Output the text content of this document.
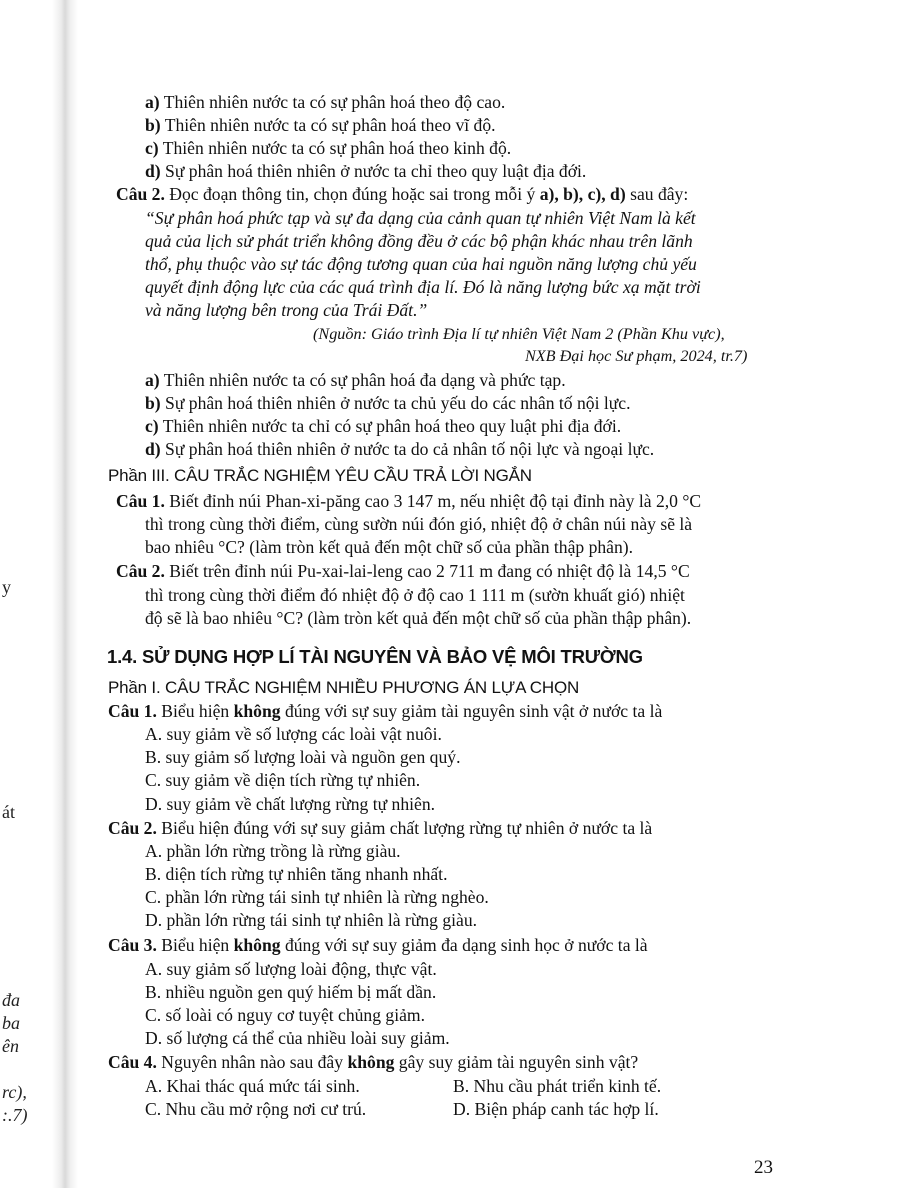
y
át
đa
ba
ên
rc),
:.7)
a) Thiên nhiên nước ta có sự phân hoá theo độ cao.
b) Thiên nhiên nước ta có sự phân hoá theo vĩ độ.
c) Thiên nhiên nước ta có sự phân hoá theo kinh độ.
d) Sự phân hoá thiên nhiên ở nước ta chỉ theo quy luật địa đới.
Câu 2. Đọc đoạn thông tin, chọn đúng hoặc sai trong mỗi ý a), b), c), d) sau đây:
“Sự phân hoá phức tạp và sự đa dạng của cảnh quan tự nhiên Việt Nam là kết
quả của lịch sử phát triển không đồng đều ở các bộ phận khác nhau trên lãnh
thổ, phụ thuộc vào sự tác động tương quan của hai nguồn năng lượng chủ yếu
quyết định động lực của các quá trình địa lí. Đó là năng lượng bức xạ mặt trời
và năng lượng bên trong của Trái Đất.”
(Nguồn: Giáo trình Địa lí tự nhiên Việt Nam 2 (Phần Khu vực),
NXB Đại học Sư phạm, 2024, tr.7)
a) Thiên nhiên nước ta có sự phân hoá đa dạng và phức tạp.
b) Sự phân hoá thiên nhiên ở nước ta chủ yếu do các nhân tố nội lực.
c) Thiên nhiên nước ta chỉ có sự phân hoá theo quy luật phi địa đới.
d) Sự phân hoá thiên nhiên ở nước ta do cả nhân tố nội lực và ngoại lực.
Phần III. CÂU TRẮC NGHIỆM YÊU CẦU TRẢ LỜI NGẮN
Câu 1. Biết đỉnh núi Phan-xi-păng cao 3 147 m, nếu nhiệt độ tại đỉnh này là 2,0 °C
thì trong cùng thời điểm, cùng sườn núi đón gió, nhiệt độ ở chân núi này sẽ là
bao nhiêu °C? (làm tròn kết quả đến một chữ số của phần thập phân).
Câu 2. Biết trên đỉnh núi Pu-xai-lai-leng cao 2 711 m đang có nhiệt độ là 14,5 °C
thì trong cùng thời điểm đó nhiệt độ ở độ cao 1 111 m (sườn khuất gió) nhiệt
độ sẽ là bao nhiêu °C? (làm tròn kết quả đến một chữ số của phần thập phân).
1.4. SỬ DỤNG HỢP LÍ TÀI NGUYÊN VÀ BẢO VỆ MÔI TRƯỜNG
Phần I. CÂU TRẮC NGHIỆM NHIỀU PHƯƠNG ÁN LỰA CHỌN
Câu 1. Biểu hiện không đúng với sự suy giảm tài nguyên sinh vật ở nước ta là
A. suy giảm về số lượng các loài vật nuôi.
B. suy giảm số lượng loài và nguồn gen quý.
C. suy giảm về diện tích rừng tự nhiên.
D. suy giảm về chất lượng rừng tự nhiên.
Câu 2. Biểu hiện đúng với sự suy giảm chất lượng rừng tự nhiên ở nước ta là
A. phần lớn rừng trồng là rừng giàu.
B. diện tích rừng tự nhiên tăng nhanh nhất.
C. phần lớn rừng tái sinh tự nhiên là rừng nghèo.
D. phần lớn rừng tái sinh tự nhiên là rừng giàu.
Câu 3. Biểu hiện không đúng với sự suy giảm đa dạng sinh học ở nước ta là
A. suy giảm số lượng loài động, thực vật.
B. nhiều nguồn gen quý hiếm bị mất dần.
C. số loài có nguy cơ tuyệt chủng giảm.
D. số lượng cá thể của nhiều loài suy giảm.
Câu 4. Nguyên nhân nào sau đây không gây suy giảm tài nguyên sinh vật?
A. Khai thác quá mức tái sinh.	B. Nhu cầu phát triển kinh tế.
C. Nhu cầu mở rộng nơi cư trú.	D. Biện pháp canh tác hợp lí.
23
